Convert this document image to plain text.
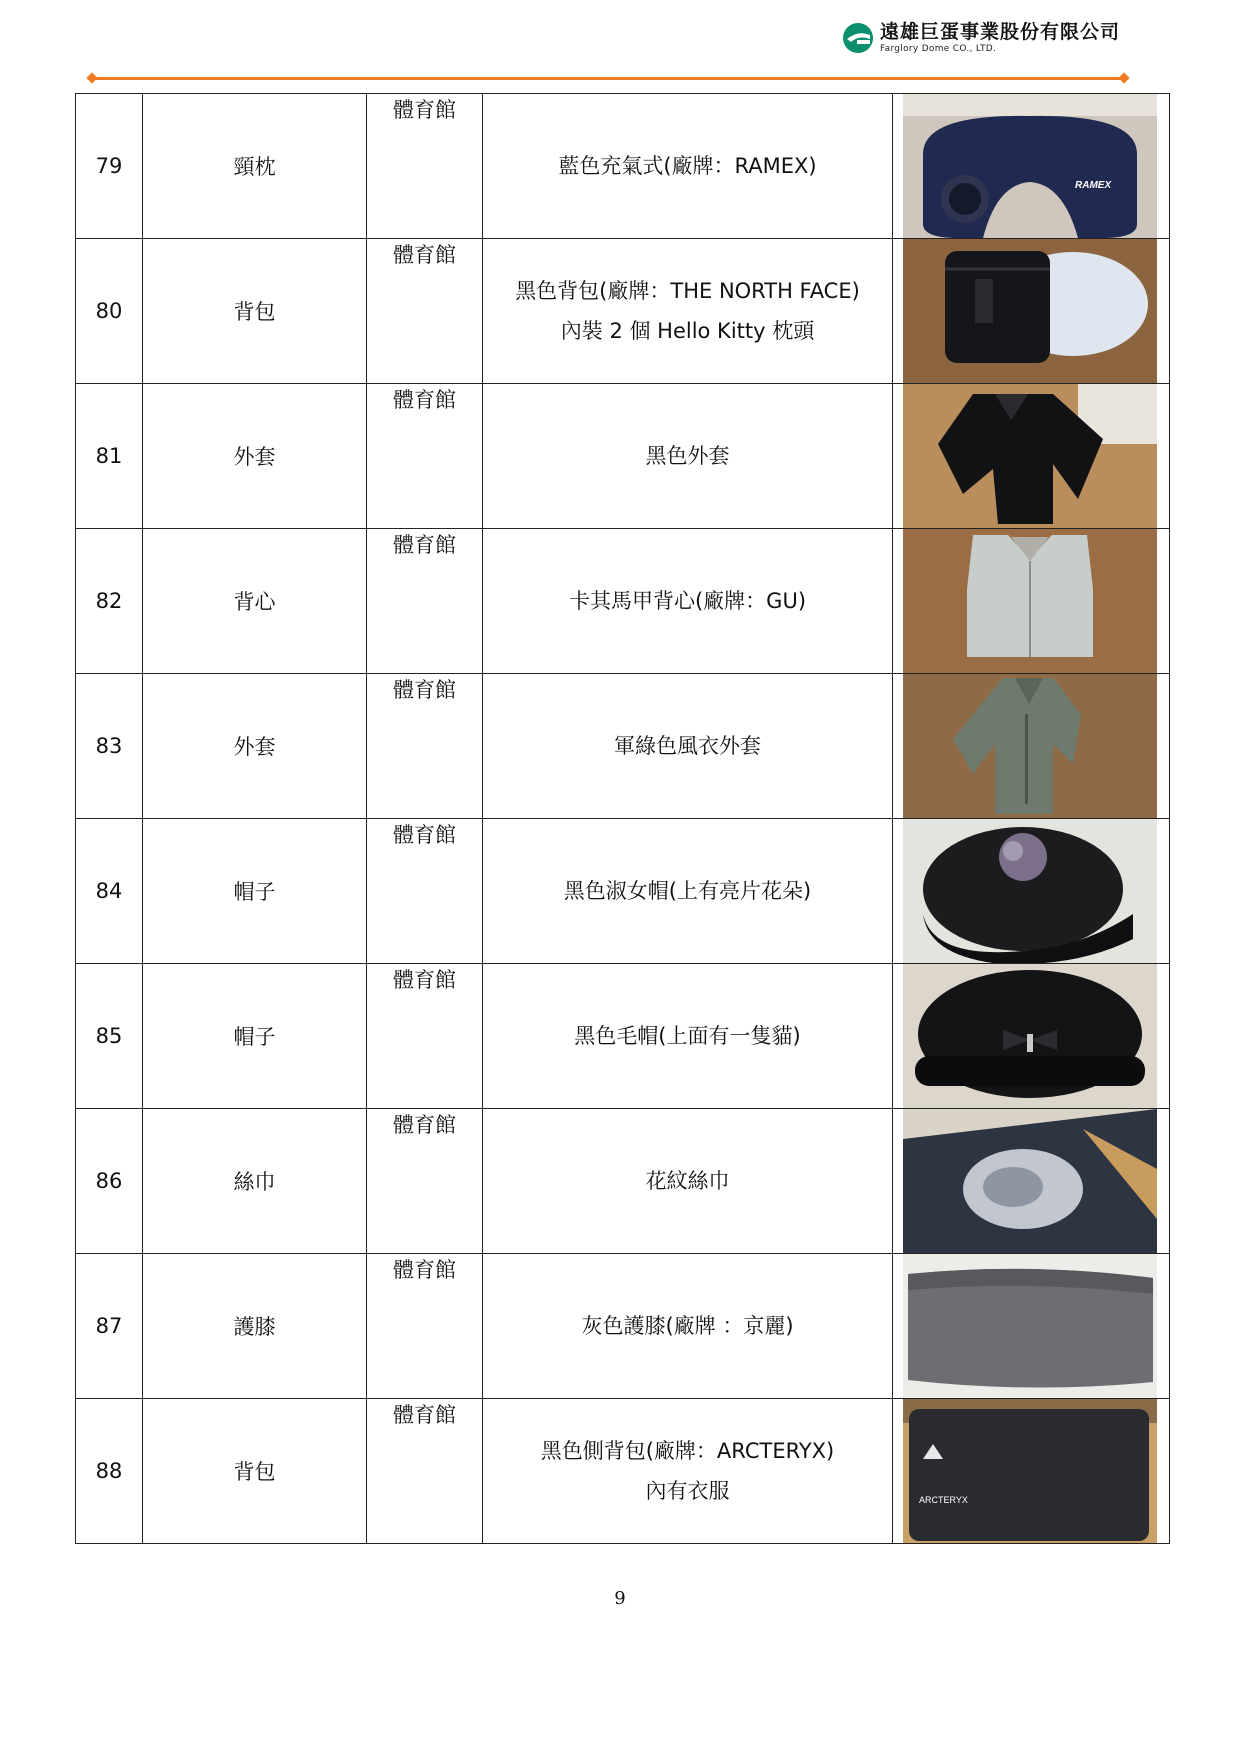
遠雄巨蛋事業股份有限公司
Farglory Dome CO., LTD.
79	頸枕	體育館	藍色充氣式(廠牌：RAMEX)	RAMEX

80	背包	體育館	黑色背包(廠牌：THE NORTH FACE)
內裝 2 個 Hello Kitty 枕頭

81	外套	體育館	黑色外套

82	背心	體育館	卡其馬甲背心(廠牌：GU)

83	外套	體育館	軍綠色風衣外套

84	帽子	體育館	黑色淑女帽(上有亮片花朵)

85	帽子	體育館	黑色毛帽(上面有一隻貓)

86	絲巾	體育館	花紋絲巾

87	護膝	體育館	灰色護膝(廠牌 ：京麗)

88	背包	體育館	黑色側背包(廠牌：ARCTERYX)
內有衣服	ARCTERYX
9
